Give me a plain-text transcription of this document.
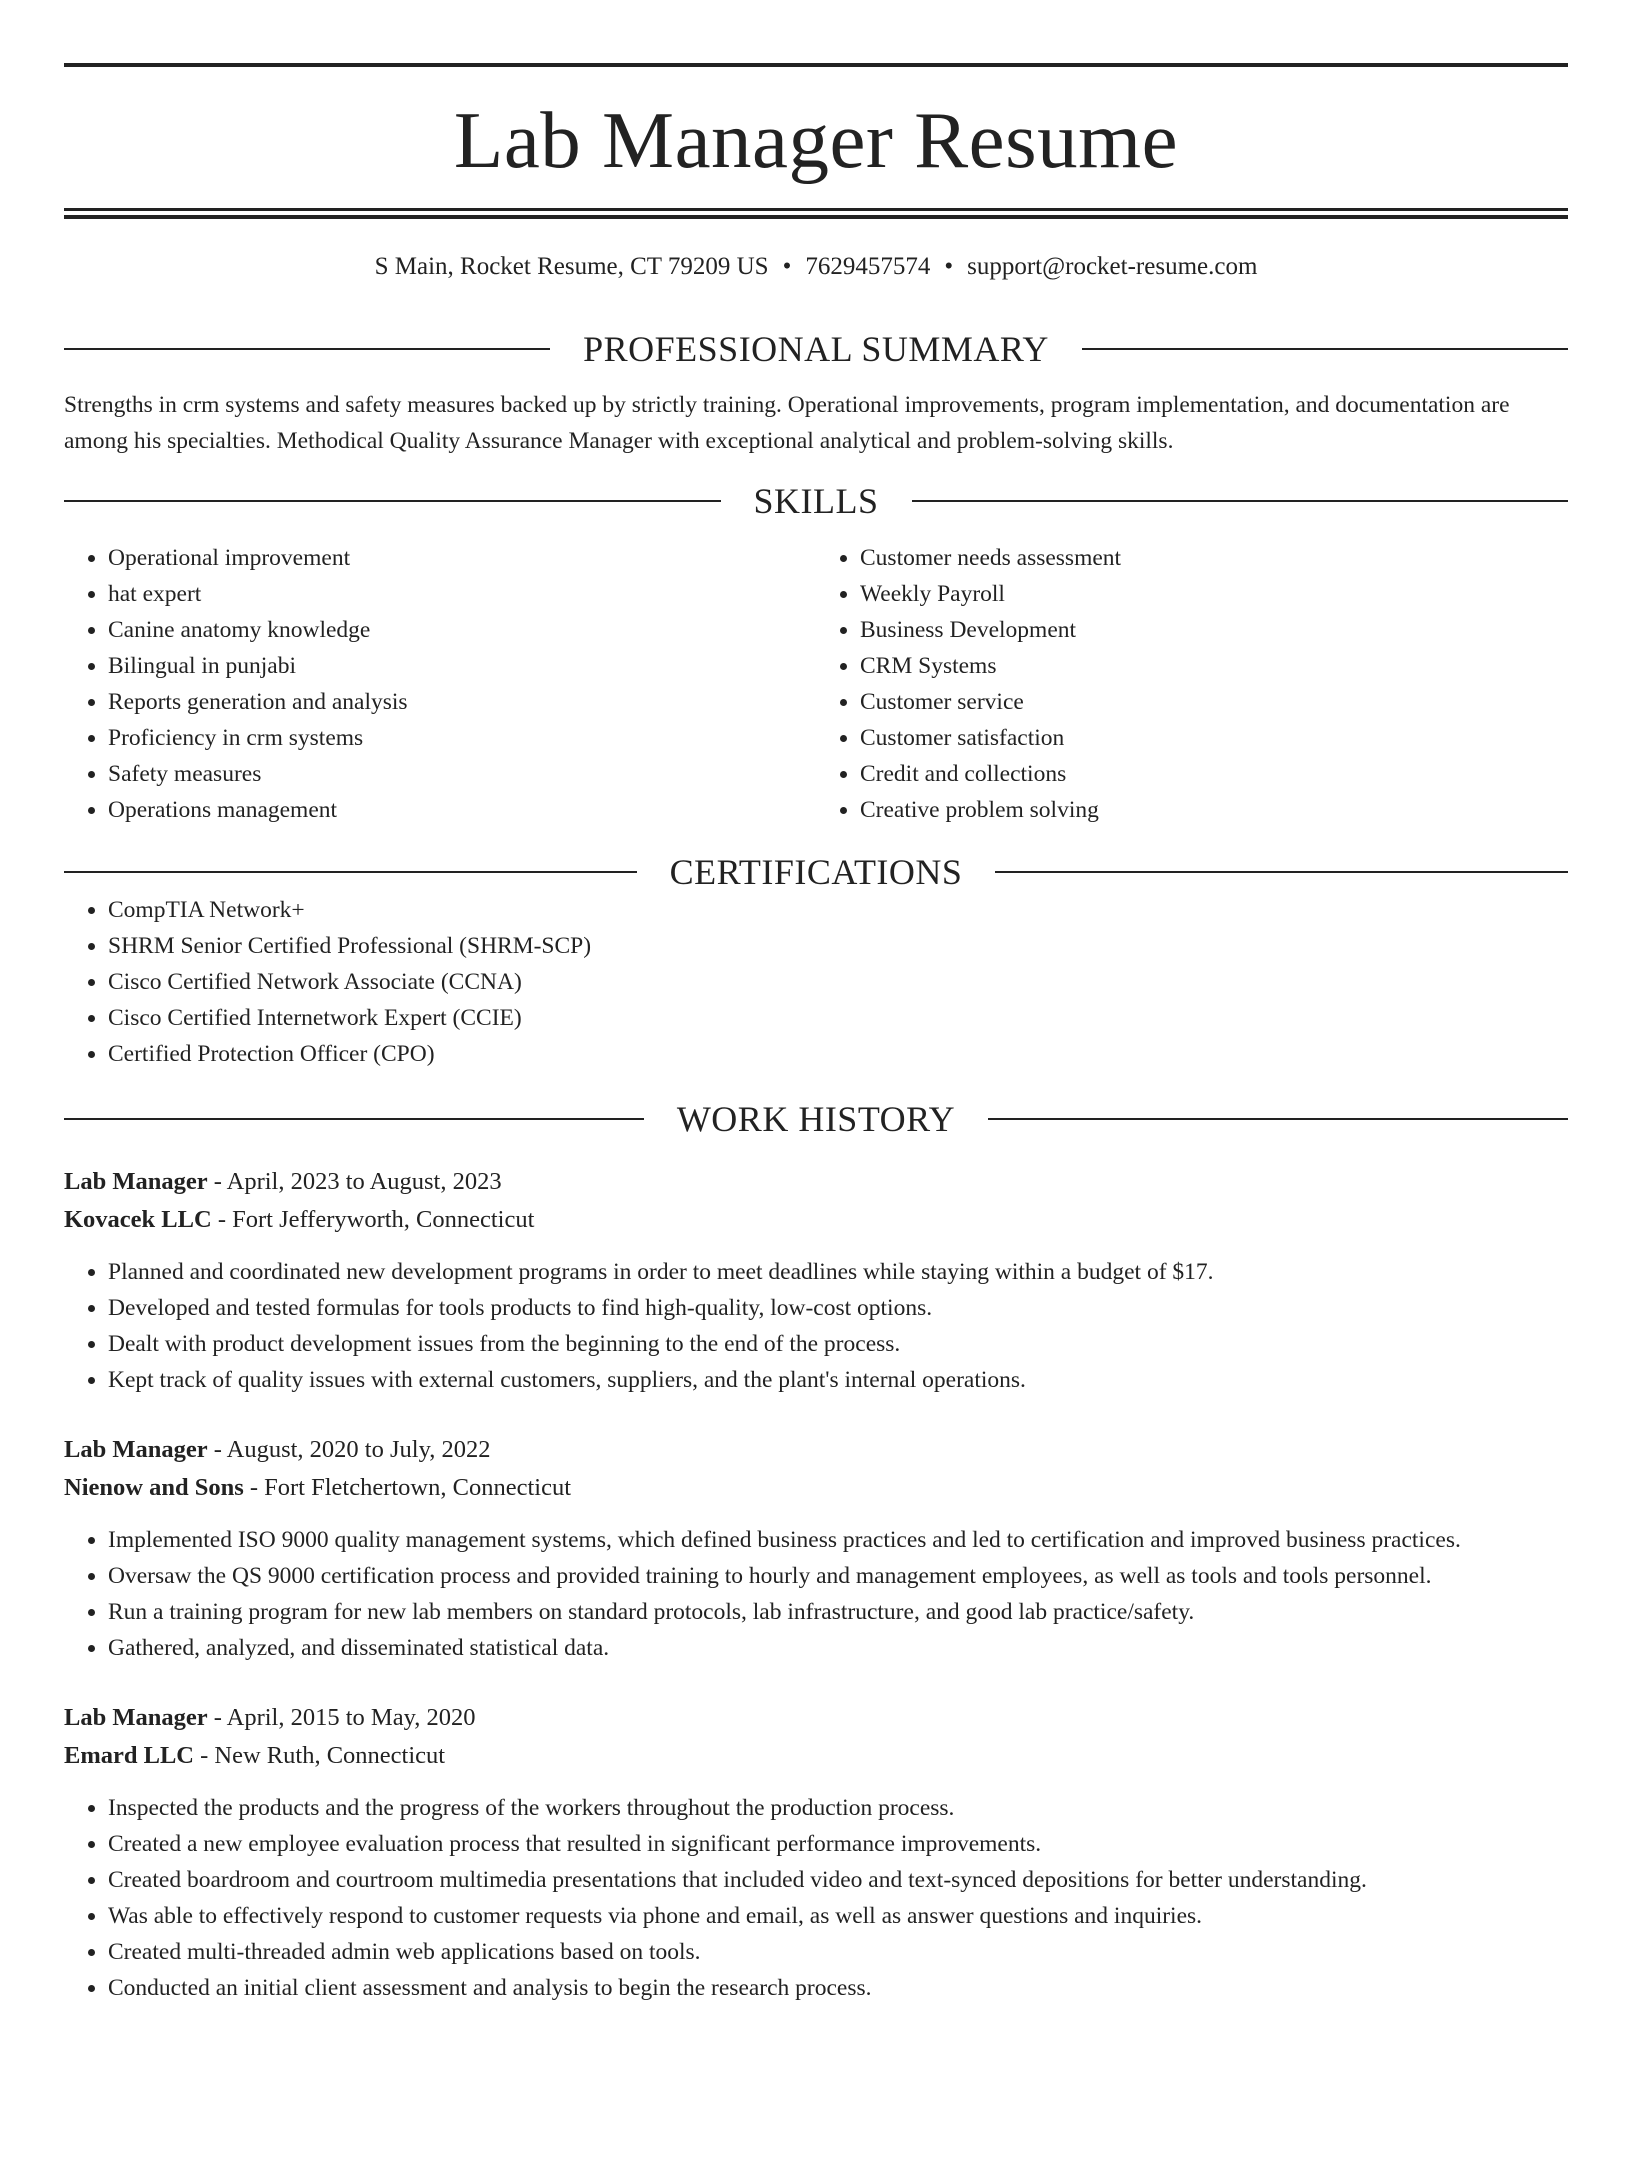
Lab Manager Resume
S Main, Rocket Resume, CT 79209 US • 7629457574 • support@rocket-resume.com
PROFESSIONAL SUMMARY
Strengths in crm systems and safety measures backed up by strictly training. Operational improvements, program implementation, and documentation are among his specialties. Methodical Quality Assurance Manager with exceptional analytical and problem-solving skills.
SKILLS
• Operational improvement
• hat expert
• Canine anatomy knowledge
• Bilingual in punjabi
• Reports generation and analysis
• Proficiency in crm systems
• Safety measures
• Operations management
• Customer needs assessment
• Weekly Payroll
• Business Development
• CRM Systems
• Customer service
• Customer satisfaction
• Credit and collections
• Creative problem solving
CERTIFICATIONS
• CompTIA Network+
• SHRM Senior Certified Professional (SHRM-SCP)
• Cisco Certified Network Associate (CCNA)
• Cisco Certified Internetwork Expert (CCIE)
• Certified Protection Officer (CPO)
WORK HISTORY
Lab Manager - April, 2023 to August, 2023
Kovacek LLC - Fort Jefferyworth, Connecticut
• Planned and coordinated new development programs in order to meet deadlines while staying within a budget of $17.
• Developed and tested formulas for tools products to find high-quality, low-cost options.
• Dealt with product development issues from the beginning to the end of the process.
• Kept track of quality issues with external customers, suppliers, and the plant's internal operations.
Lab Manager - August, 2020 to July, 2022
Nienow and Sons - Fort Fletchertown, Connecticut
• Implemented ISO 9000 quality management systems, which defined business practices and led to certification and improved business practices.
• Oversaw the QS 9000 certification process and provided training to hourly and management employees, as well as tools and tools personnel.
• Run a training program for new lab members on standard protocols, lab infrastructure, and good lab practice/safety.
• Gathered, analyzed, and disseminated statistical data.
Lab Manager - April, 2015 to May, 2020
Emard LLC - New Ruth, Connecticut
• Inspected the products and the progress of the workers throughout the production process.
• Created a new employee evaluation process that resulted in significant performance improvements.
• Created boardroom and courtroom multimedia presentations that included video and text-synced depositions for better understanding.
• Was able to effectively respond to customer requests via phone and email, as well as answer questions and inquiries.
• Created multi-threaded admin web applications based on tools.
• Conducted an initial client assessment and analysis to begin the research process.
